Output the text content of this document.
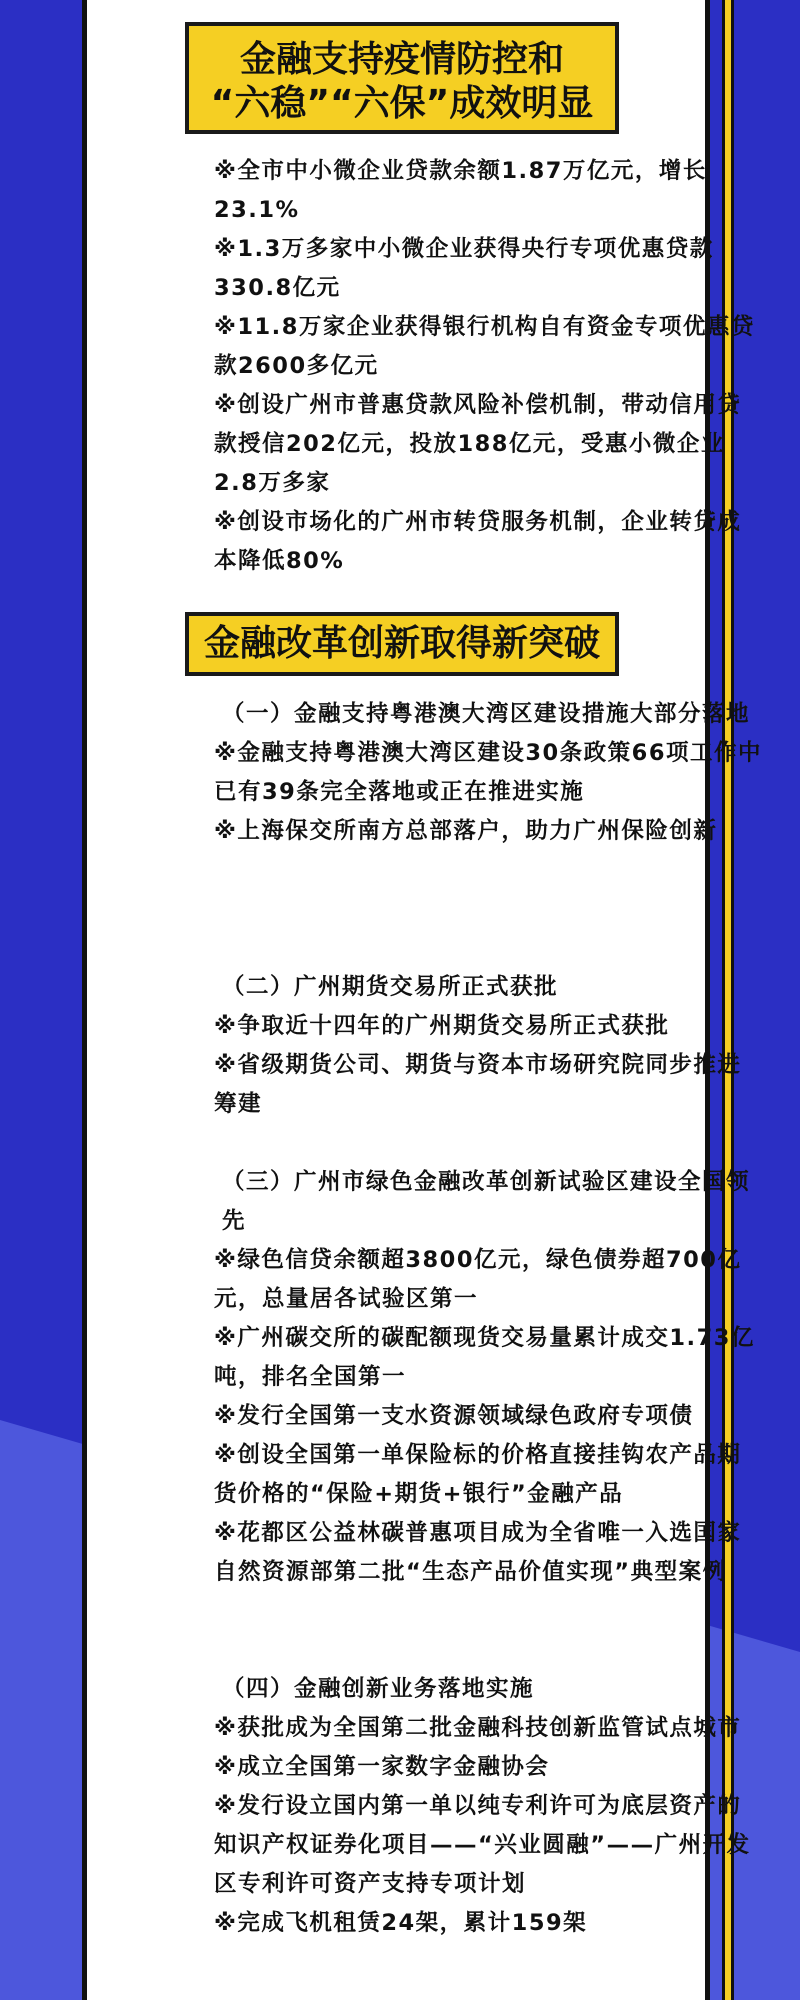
金融支持疫情防控和
“六稳”“六保”成效明显

※全市中小微企业贷款余额1.87万亿元，增长23.1%

※1.3万多家中小微企业获得央行专项优惠贷款330.8亿元

※11.8万家企业获得银行机构自有资金专项优惠贷款2600多亿元

※创设广州市普惠贷款风险补偿机制，带动信用贷款授信202亿元，投放188亿元，受惠小微企业2.8万多家

※创设市场化的广州市转贷服务机制，企业转贷成本降低80%

金融改革创新取得新突破

（一）金融支持粤港澳大湾区建设措施大部分落地

※金融支持粤港澳大湾区建设30条政策66项工作中已有39条完全落地或正在推进实施

※上海保交所南方总部落户，助力广州保险创新

（二）广州期货交易所正式获批

※争取近十四年的广州期货交易所正式获批

※省级期货公司、期货与资本市场研究院同步推进筹建

（三）广州市绿色金融改革创新试验区建设全国领先

※绿色信贷余额超3800亿元，绿色债券超700亿元，总量居各试验区第一

※广州碳交所的碳配额现货交易量累计成交1.73亿吨，排名全国第一

※发行全国第一支水资源领域绿色政府专项债

※创设全国第一单保险标的价格直接挂钩农产品期货价格的“保险+期货+银行”金融产品

※花都区公益林碳普惠项目成为全省唯一入选国家自然资源部第二批“生态产品价值实现”典型案例

（四）金融创新业务落地实施

※获批成为全国第二批金融科技创新监管试点城市

※成立全国第一家数字金融协会

※发行设立国内第一单以纯专利许可为底层资产的知识产权证券化项目——“兴业圆融”——广州开发区专利许可资产支持专项计划

※完成飞机租赁24架，累计159架
